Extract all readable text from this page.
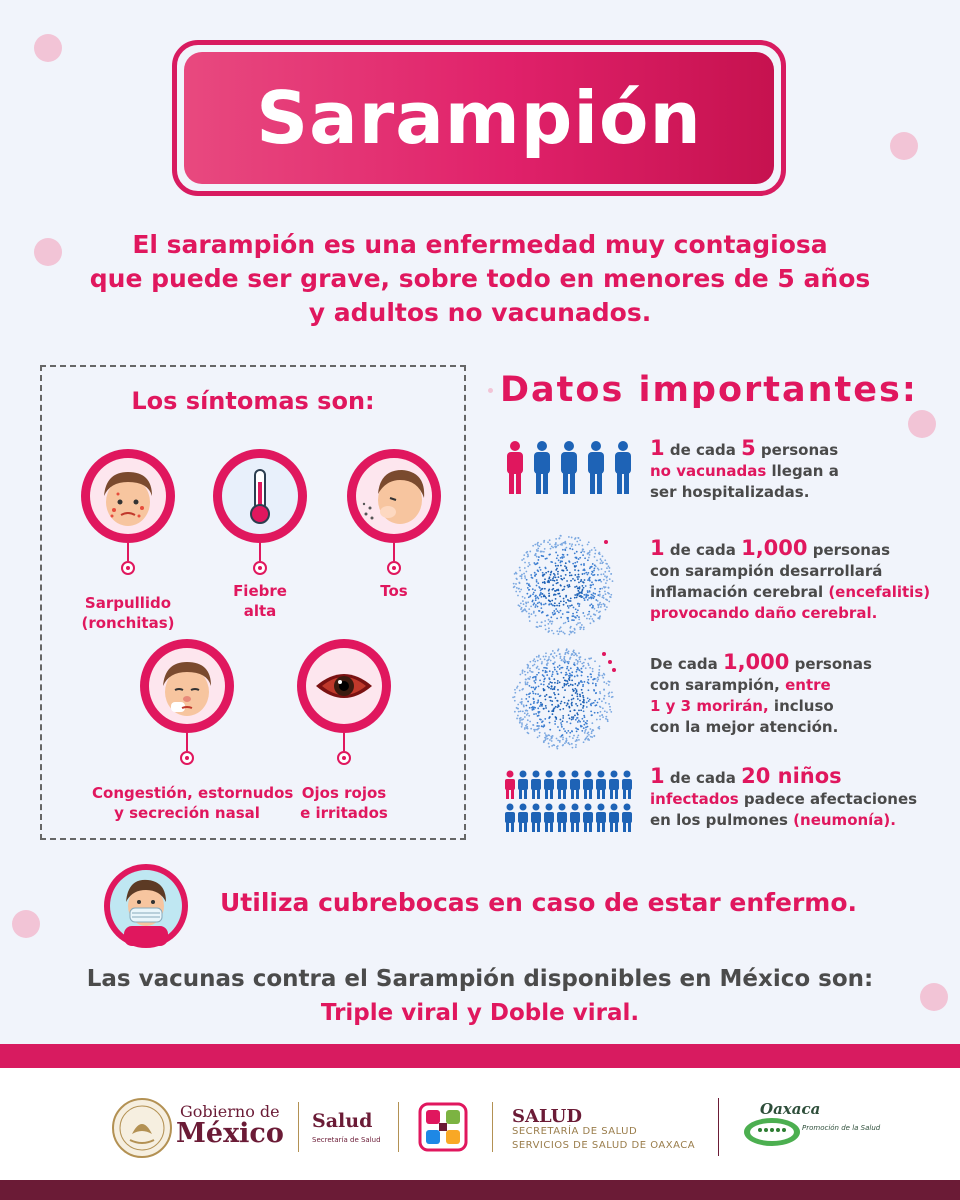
Sarampión
El sarampión es una enfermedad muy contagiosa
que puede ser grave, sobre todo en menores de 5 años
y adultos no vacunados.
Los síntomas son:
Sarpullido
(ronchitas)
Fiebre
alta
Tos
Congestión, estornudos
y secreción nasal
Ojos rojos
e irritados
Datos importantes:
1 de cada 5 personas
no vacunadas llegan a
ser hospitalizadas.
1 de cada 1,000 personas
con sarampión desarrollará
inflamación cerebral (encefalitis)
provocando daño cerebral.
De cada 1,000 personas
con sarampión, entre
1 y 3 morirán, incluso
con la mejor atención.
1 de cada 20 niños
infectados padece afectaciones
en los pulmones (neumonía).
Utiliza cubrebocas en caso de estar enfermo.
Las vacunas contra el Sarampión disponibles en México son:
Triple viral y Doble viral.
Gobierno de
México Salud
Secretaría de Salud
SALUD
SECRETARÍA DE SALUD
SERVICIOS DE SALUD DE OAXACA
Oaxaca
Promoción de la Salud
